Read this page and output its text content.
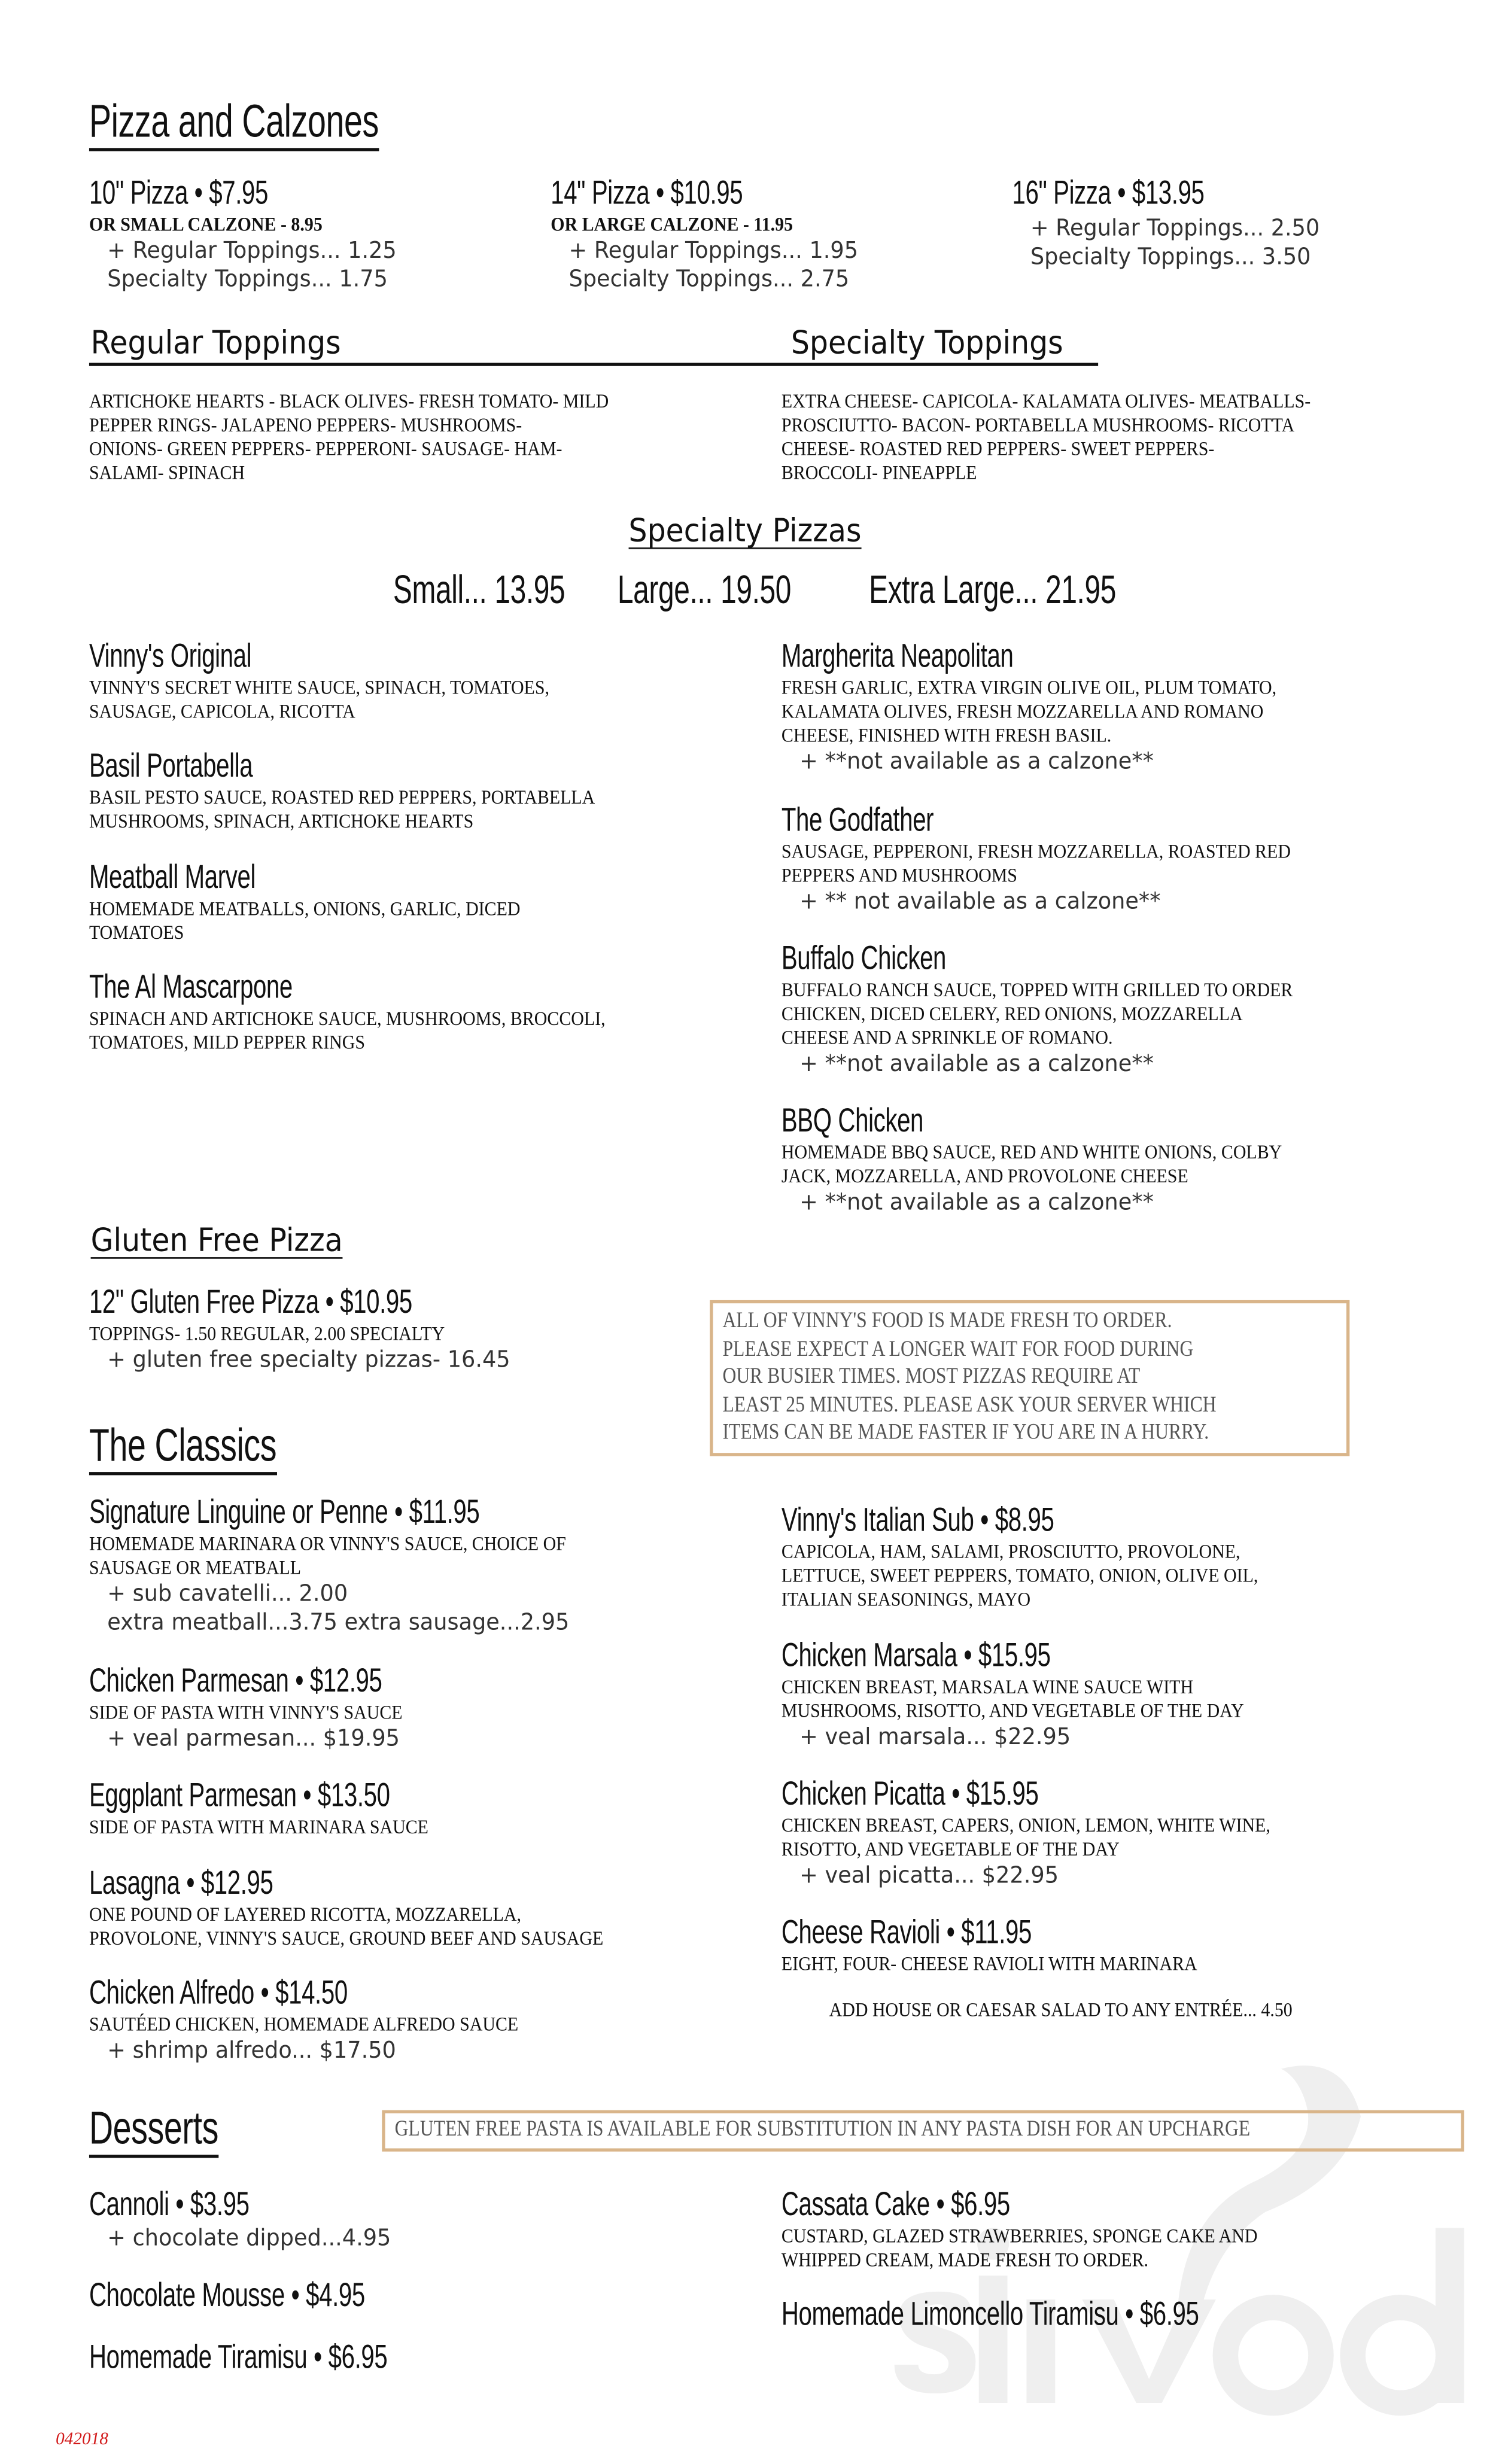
Pizza and Calzones
10" Pizza • $7.95
OR SMALL CALZONE - 8.95
+ Regular Toppings... 1.25
Specialty Toppings... 1.75
14" Pizza • $10.95
OR LARGE CALZONE - 11.95
+ Regular Toppings... 1.95
Specialty Toppings... 2.75
16" Pizza • $13.95
+ Regular Toppings... 2.50
Specialty Toppings... 3.50
Regular Toppings	Specialty Toppings
ARTICHOKE HEARTS - BLACK OLIVES- FRESH TOMATO- MILD
PEPPER RINGS- JALAPENO PEPPERS- MUSHROOMS-
ONIONS- GREEN PEPPERS- PEPPERONI- SAUSAGE- HAM-
SALAMI- SPINACH
EXTRA CHEESE- CAPICOLA- KALAMATA OLIVES- MEATBALLS-
PROSCIUTTO- BACON- PORTABELLA MUSHROOMS- RICOTTA
CHEESE- ROASTED RED PEPPERS- SWEET PEPPERS-
BROCCOLI- PINEAPPLE
Specialty Pizzas
Small... 13.95	Large... 19.50	Extra Large... 21.95
Vinny's Original
VINNY'S SECRET WHITE SAUCE, SPINACH, TOMATOES,
SAUSAGE, CAPICOLA, RICOTTA
Basil Portabella
BASIL PESTO SAUCE, ROASTED RED PEPPERS, PORTABELLA
MUSHROOMS, SPINACH, ARTICHOKE HEARTS
Meatball Marvel
HOMEMADE MEATBALLS, ONIONS, GARLIC, DICED
TOMATOES
The Al Mascarpone
SPINACH AND ARTICHOKE SAUCE, MUSHROOMS, BROCCOLI,
TOMATOES, MILD PEPPER RINGS
Margherita Neapolitan
FRESH GARLIC, EXTRA VIRGIN OLIVE OIL, PLUM TOMATO,
KALAMATA OLIVES, FRESH MOZZARELLA AND ROMANO
CHEESE, FINISHED WITH FRESH BASIL.
+ **not available as a calzone**
The Godfather
SAUSAGE, PEPPERONI, FRESH MOZZARELLA, ROASTED RED
PEPPERS AND MUSHROOMS
+ ** not available as a calzone**
Buffalo Chicken
BUFFALO RANCH SAUCE, TOPPED WITH GRILLED TO ORDER
CHICKEN, DICED CELERY, RED ONIONS, MOZZARELLA
CHEESE AND A SPRINKLE OF ROMANO.
+ **not available as a calzone**
BBQ Chicken
HOMEMADE BBQ SAUCE, RED AND WHITE ONIONS, COLBY
JACK, MOZZARELLA, AND PROVOLONE CHEESE
+ **not available as a calzone**
Gluten Free Pizza
12" Gluten Free Pizza • $10.95
TOPPINGS- 1.50 REGULAR, 2.00 SPECIALTY
+ gluten free specialty pizzas- 16.45
ALL OF VINNY'S FOOD IS MADE FRESH TO ORDER.
PLEASE EXPECT A LONGER WAIT FOR FOOD DURING
OUR BUSIER TIMES. MOST PIZZAS REQUIRE AT
LEAST 25 MINUTES. PLEASE ASK YOUR SERVER WHICH
ITEMS CAN BE MADE FASTER IF YOU ARE IN A HURRY.
The Classics
Signature Linguine or Penne • $11.95
HOMEMADE MARINARA OR VINNY'S SAUCE, CHOICE OF
SAUSAGE OR MEATBALL
+ sub cavatelli... 2.00
extra meatball...3.75 extra sausage...2.95
Chicken Parmesan • $12.95
SIDE OF PASTA WITH VINNY'S SAUCE
+ veal parmesan... $19.95
Eggplant Parmesan • $13.50
SIDE OF PASTA WITH MARINARA SAUCE
Lasagna • $12.95
ONE POUND OF LAYERED RICOTTA, MOZZARELLA,
PROVOLONE, VINNY'S SAUCE, GROUND BEEF AND SAUSAGE
Chicken Alfredo • $14.50
SAUTÉED CHICKEN, HOMEMADE ALFREDO SAUCE
+ shrimp alfredo... $17.50
Vinny's Italian Sub • $8.95
CAPICOLA, HAM, SALAMI, PROSCIUTTO, PROVOLONE,
LETTUCE, SWEET PEPPERS, TOMATO, ONION, OLIVE OIL,
ITALIAN SEASONINGS, MAYO
Chicken Marsala • $15.95
CHICKEN BREAST, MARSALA WINE SAUCE WITH
MUSHROOMS, RISOTTO, AND VEGETABLE OF THE DAY
+ veal marsala... $22.95
Chicken Picatta • $15.95
CHICKEN BREAST, CAPERS, ONION, LEMON, WHITE WINE,
RISOTTO, AND VEGETABLE OF THE DAY
+ veal picatta... $22.95
Cheese Ravioli • $11.95
EIGHT, FOUR- CHEESE RAVIOLI WITH MARINARA
ADD HOUSE OR CAESAR SALAD TO ANY ENTRÉE... 4.50
Desserts	GLUTEN FREE PASTA IS AVAILABLE FOR SUBSTITUTION IN ANY PASTA DISH FOR AN UPCHARGE
Cannoli • $3.95
+ chocolate dipped...4.95
Chocolate Mousse • $4.95
Homemade Tiramisu • $6.95
Cassata Cake • $6.95
CUSTARD, GLAZED STRAWBERRIES, SPONGE CAKE AND
WHIPPED CREAM, MADE FRESH TO ORDER.
Homemade Limoncello Tiramisu • $6.95
042018
